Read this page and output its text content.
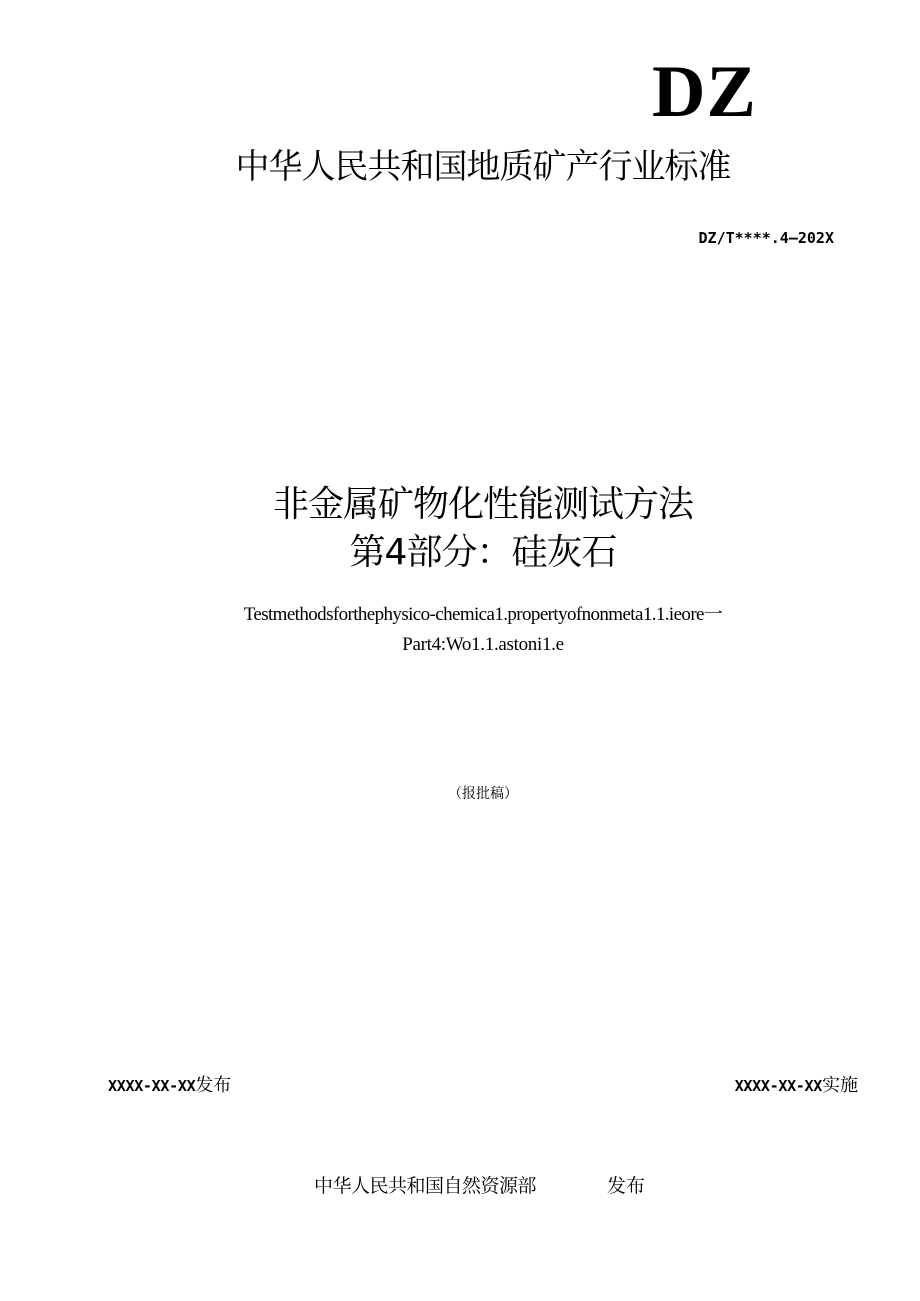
DZ
中华人民共和国地质矿产行业标准
DZ/T****.4—202X
非金属矿物化性能测试方法
第4部分：硅灰石
Testmethodsforthephysico-chemica1.propertyofnonmeta1.1.ieore一
Part4:Wo1.1.astoni1.e
（报批稿）
XXXX-XX-XX发布	XXXX-XX-XX实施
中华人民共和国自然资源部	发布
